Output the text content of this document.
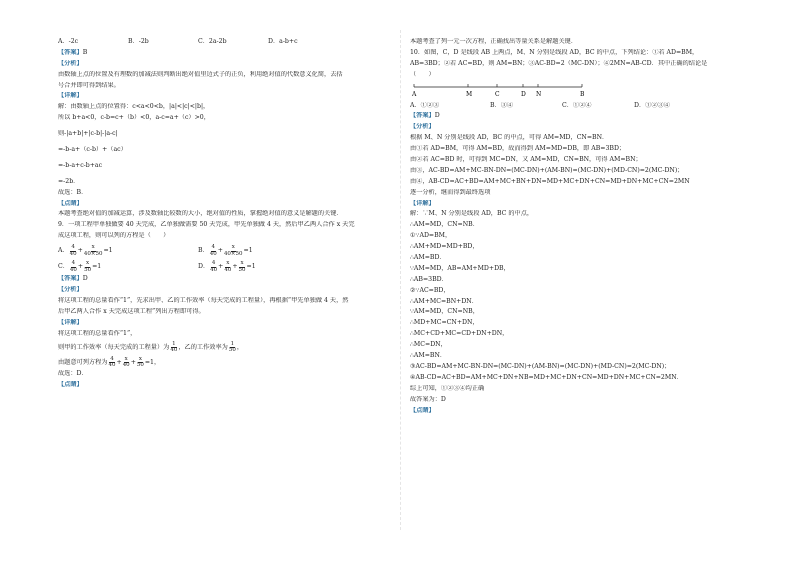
A．-2c	B．-2b	C．2a-2b	D．a-b+c
【答案】B
【分析】
由数轴上点的位置及有理数的加减法则判断出绝对值里边式子的正负，利用绝对值的代数意义化简，去括
号合并即可得到结果。
【详解】
解：由数轴上点的位置得：c<a<0<b，|a|<|c|<|b|，
所以 b+a<0，c-b=c+（b）<0，a-c=a+（c）>0，
则-|a+b|+|c-b|-|a-c|
=-b-a+（c-b）+（ac）
=-b-a+c-b+ac
=-2b．
故选：B．
【点睛】
本题考查绝对值的加减运算，涉及数轴比较数的大小，绝对值的性质，掌握绝对值的意义是解题的关键．
9．一项工程甲单独做要 40 天完成，乙单独做需要 50 天完成，甲先单独做 4 天，然后甲乙两人合作 x 天完
成这项工程，则可以列的方程是（　　）
A． $\frac{4}{40} + \frac{x}{40\times 50} =1$	B． $\frac{4}{40} + \frac{x}{40\times 50} =1$
C． $\frac{4}{40} + \frac{x}{50} =1$	D． $\frac{4}{40} + \frac{x}{40} + \frac{x}{50} =1$
【答案】D
【分析】
将这项工程的总量看作“1”，先求出甲、乙的工作效率（每天完成的工程量），再根据“甲先单独做 4 天，然
后甲乙两人合作 x 天完成这项工程”列出方程即可得。
【详解】
将这项工程的总量看作“1”，
则甲的工作效率（每天完成的工程量）为 $\frac{1}{40}$ ，乙的工作效率为 $\frac{1}{50}$ ，
由题意可列方程为 $\frac{4}{40} + \frac{x}{40} + \frac{x}{50} =1$，
故选：D．
【点睛】
本题考查了列一元一次方程，正确找出等量关系是解题关键．
10．如图，C，D 是线段 AB 上两点，M、N 分别是线段 AD，BC 的中点，下列结论：①若 AD=BM，
AB=3BD；②若 AC=BD，则 AM=BN；③AC-BD=2（MC-DN）；④2MN=AB-CD．其中正确的结论是
（　　）
A	M	C	D N	B
A．①②③	B．③④	C．①②④	D．①②③④
【答案】D
【分析】
根据 M、N 分别是线段 AD，BC 的中点，可得 AM=MD，CN=BN．
由①若 AD=BM，可得 AM=BD，故而得到 AM=MD=DB，即 AB=3BD；
由②若 AC=BD 时，可得到 MC=DN，又 AM=MD，CN=BN，可得 AM=BN；
由③，AC-BD=AM+MC-BN-DN=(MC-DN)+(AM-BN)=(MC-DN)+(MD-CN)=2(MC-DN)；
由④，AB-CD=AC+BD=AM+MC+BN+DN=MD+MC+DN+CN=MD+DN+MC+CN=2MN
逐一分析，继而得到最终选项
【详解】
解：∵M、N 分别是线段 AD，BC 的中点，
∴AM=MD，CN=NB．
①∵AD=BM，
∴AM+MD=MD+BD，
∴AM=BD．
∵AM=MD，AB=AM+MD+DB，
∴AB=3BD．
②∵AC=BD，
∴AM+MC=BN+DN．
∵AM=MD，CN=NB，
∴MD+MC=CN+DN，
∴MC+CD+MC=CD+DN+DN，
∴MC=DN，
∴AM=BN．
③AC-BD=AM+MC-BN-DN=(MC-DN)+(AM-BN)=(MC-DN)+(MD-CN)=2(MC-DN)；
④AB-CD=AC+BD=AM+MC+DN+NB=MD+MC+DN+CN=MD+DN+MC+CN=2MN．
综上可知，①②③④均正确
故答案为：D
【点睛】
